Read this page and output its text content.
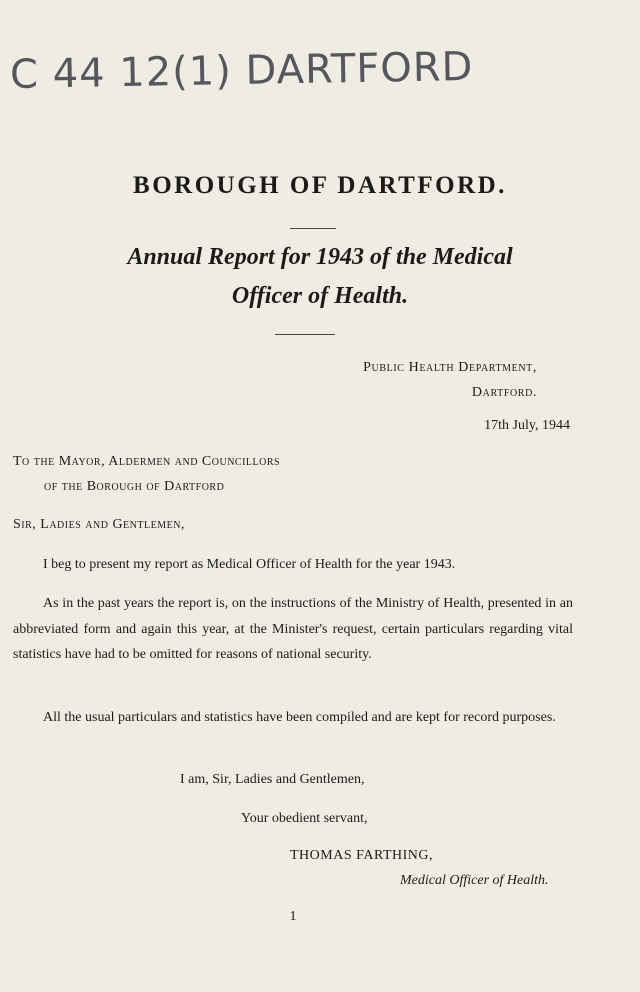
C 44 12(1) DARTFORD
BOROUGH OF DARTFORD.
Annual Report for 1943 of the Medical
Officer of Health.
Public Health Department,
Dartford.
17th July, 1944
To the Mayor, Aldermen and Councillors
of the Borough of Dartford
Sir, Ladies and Gentlemen,

I beg to present my report as Medical Officer of Health for the year 1943.

As in the past years the report is, on the instructions of the Ministry of Health, presented in an abbreviated form and again this year, at the Minister's request, certain particulars regarding vital statistics have had to be omitted for reasons of national security.

All the usual particulars and statistics have been compiled and are kept for record purposes.

I am, Sir, Ladies and Gentlemen,
Your obedient servant,
THOMAS FARTHING,
Medical Officer of Health.
1
